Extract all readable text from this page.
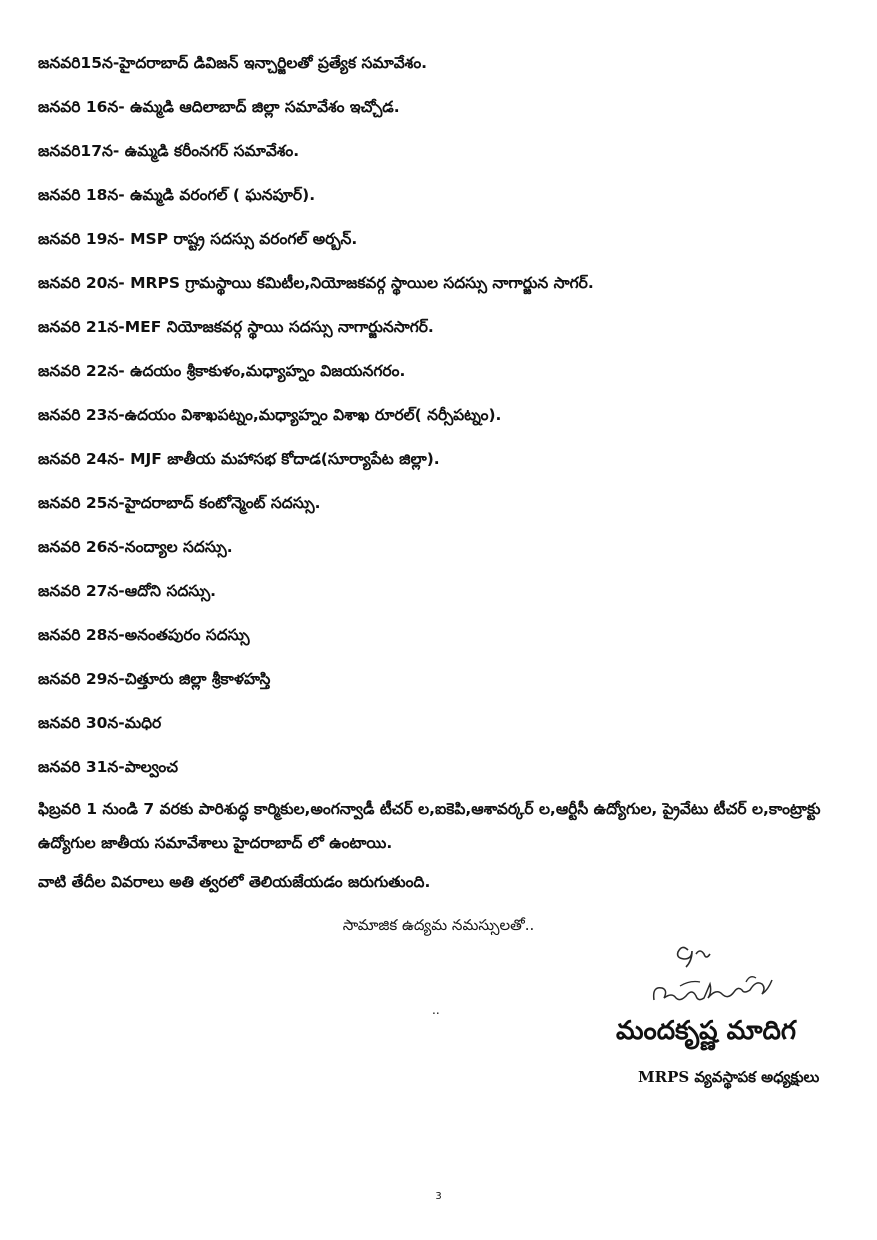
జనవరి15న-హైదరాబాద్ డివిజన్ ఇన్చార్జిలతో ప్రత్యేక సమావేశం.
జనవరి 16న- ఉమ్మడి ఆదిలాబాద్ జిల్లా సమావేశం ఇచ్చోడ.
జనవరి17న- ఉమ్మడి కరీంనగర్ సమావేశం.
జనవరి 18న- ఉమ్మడి వరంగల్ ( ఘనపూర్).
జనవరి 19న- MSP రాష్ట్ర సదస్సు వరంగల్ అర్బన్.
జనవరి 20న- MRPS గ్రామస్థాయి కమిటీల,నియోజకవర్గ స్థాయిల సదస్సు నాగార్జున సాగర్.
జనవరి 21న-MEF నియోజకవర్గ స్థాయి సదస్సు నాగార్జునసాగర్.
జనవరి 22న- ఉదయం శ్రీకాకుళం,మధ్యాహ్నం విజయనగరం.
జనవరి 23న-ఉదయం విశాఖపట్నం,మధ్యాహ్నం విశాఖ రూరల్( నర్సీపట్నం).
జనవరి 24న- MJF జాతీయ మహాసభ కోదాడ(సూర్యాపేట జిల్లా).
జనవరి 25న-హైదరాబాద్ కంటోన్మెంట్ సదస్సు.
జనవరి 26న-నంద్యాల సదస్సు.
జనవరి 27న-ఆదోని సదస్సు.
జనవరి 28న-అనంతపురం సదస్సు
జనవరి 29న-చిత్తూరు జిల్లా శ్రీకాళహస్తి
జనవరి 30న-మధిర
జనవరి 31న-పాల్వంచ

ఫిబ్రవరి 1 నుండి 7 వరకు పారిశుద్ధ కార్మికుల,అంగన్వాడీ టీచర్ ల,ఐకెపి,ఆశావర్కర్ ల,ఆర్టీసీ ఉద్యోగుల, ప్రైవేటు టీచర్ ల,కాంట్రాక్టు ఉద్యోగుల జాతీయ సమావేశాలు హైదరాబాద్ లో ఉంటాయి.

వాటి తేదీల వివరాలు అతి త్వరలో తెలియజేయడం జరుగుతుంది.

సామాజిక ఉద్యమ నమస్సులతో..
..
మందకృష్ణ మాదిగ
MRPS వ్యవస్థాపక అధ్యక్షులు
3
